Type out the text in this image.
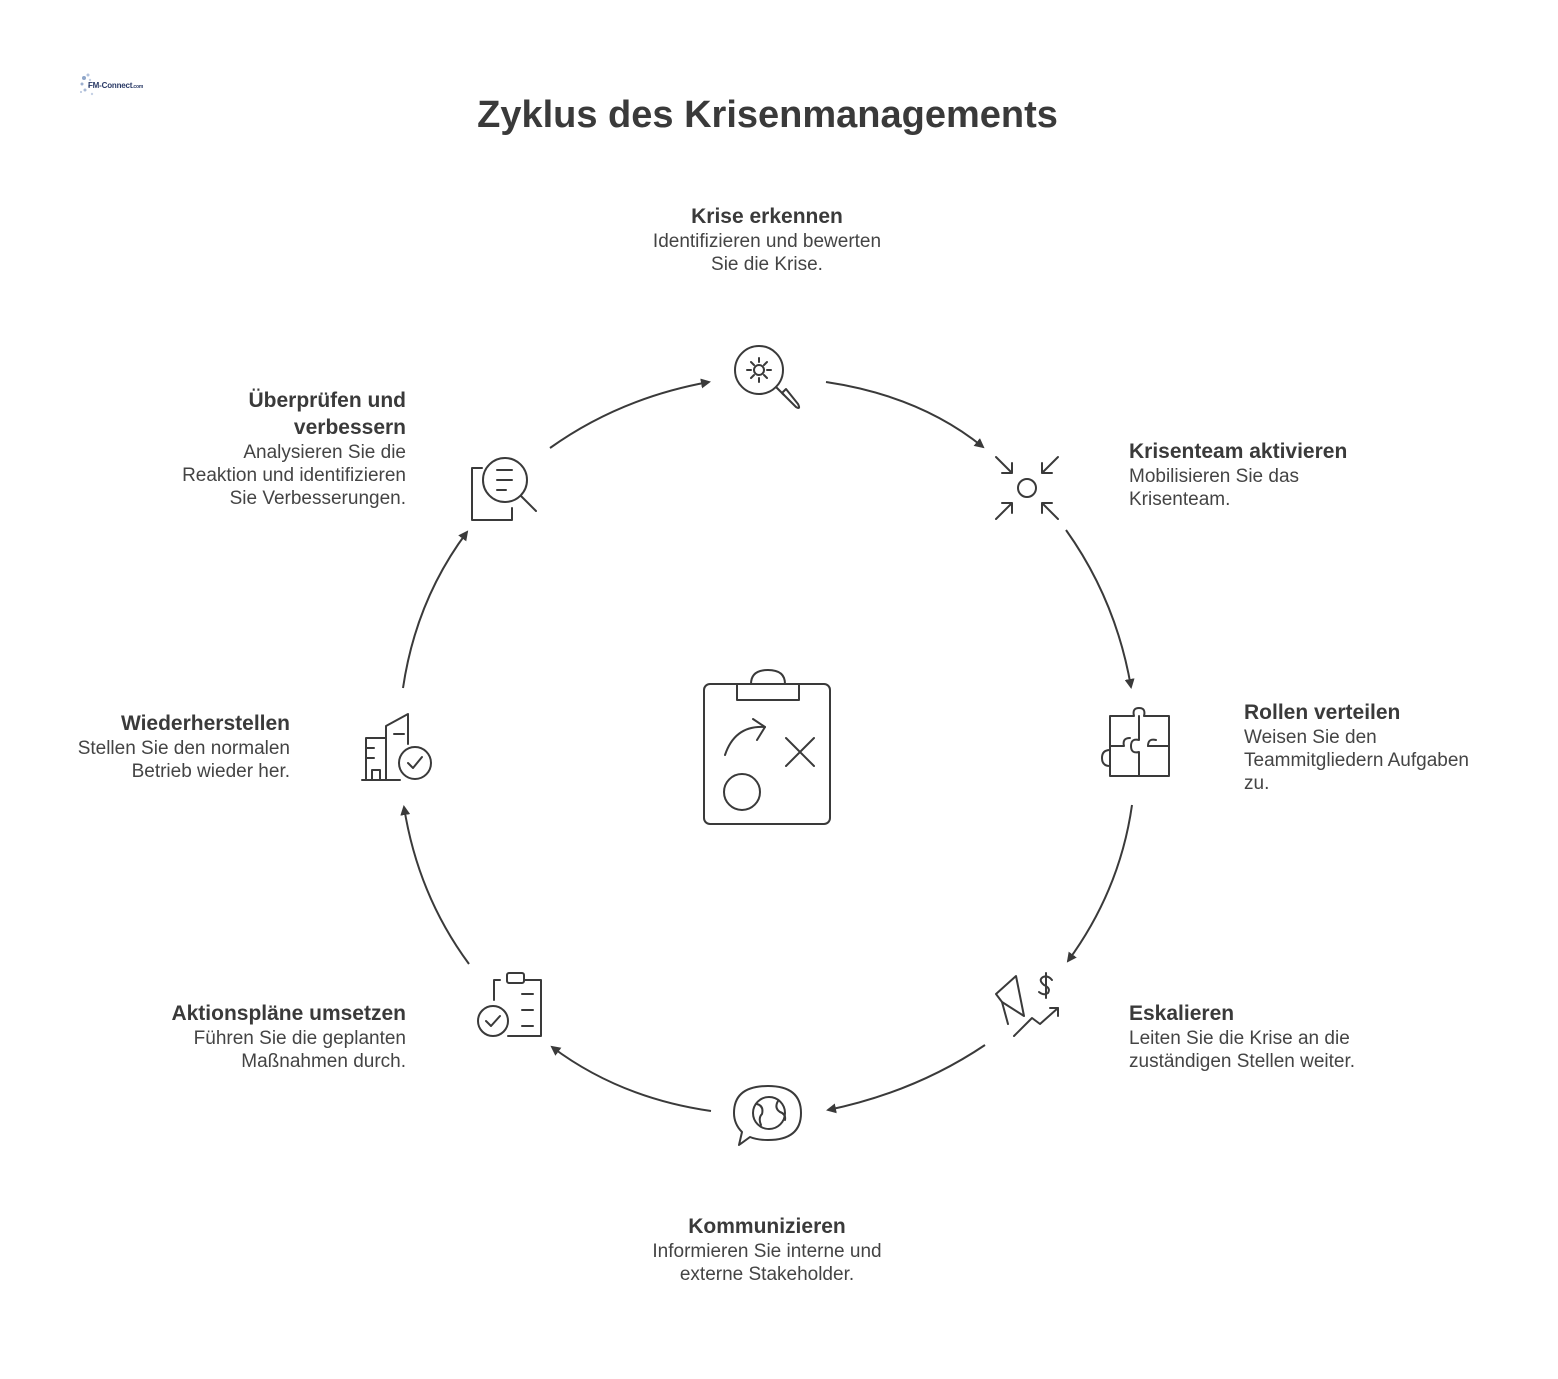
FM-Connect.com
Zyklus des Krisenmanagements
Krise erkennen
Identifizieren und bewerten
Sie die Krise.
Krisenteam aktivieren
Mobilisieren Sie das
Krisenteam.
Rollen verteilen
Weisen Sie den
Teammitgliedern Aufgaben
zu.
Eskalieren
Leiten Sie die Krise an die
zuständigen Stellen weiter.
Kommunizieren
Informieren Sie interne und
externe Stakeholder.
Aktionspläne umsetzen
Führen Sie die geplanten
Maßnahmen durch.
Wiederherstellen
Stellen Sie den normalen
Betrieb wieder her.
Überprüfen und
verbessern
Analysieren Sie die
Reaktion und identifizieren
Sie Verbesserungen.
